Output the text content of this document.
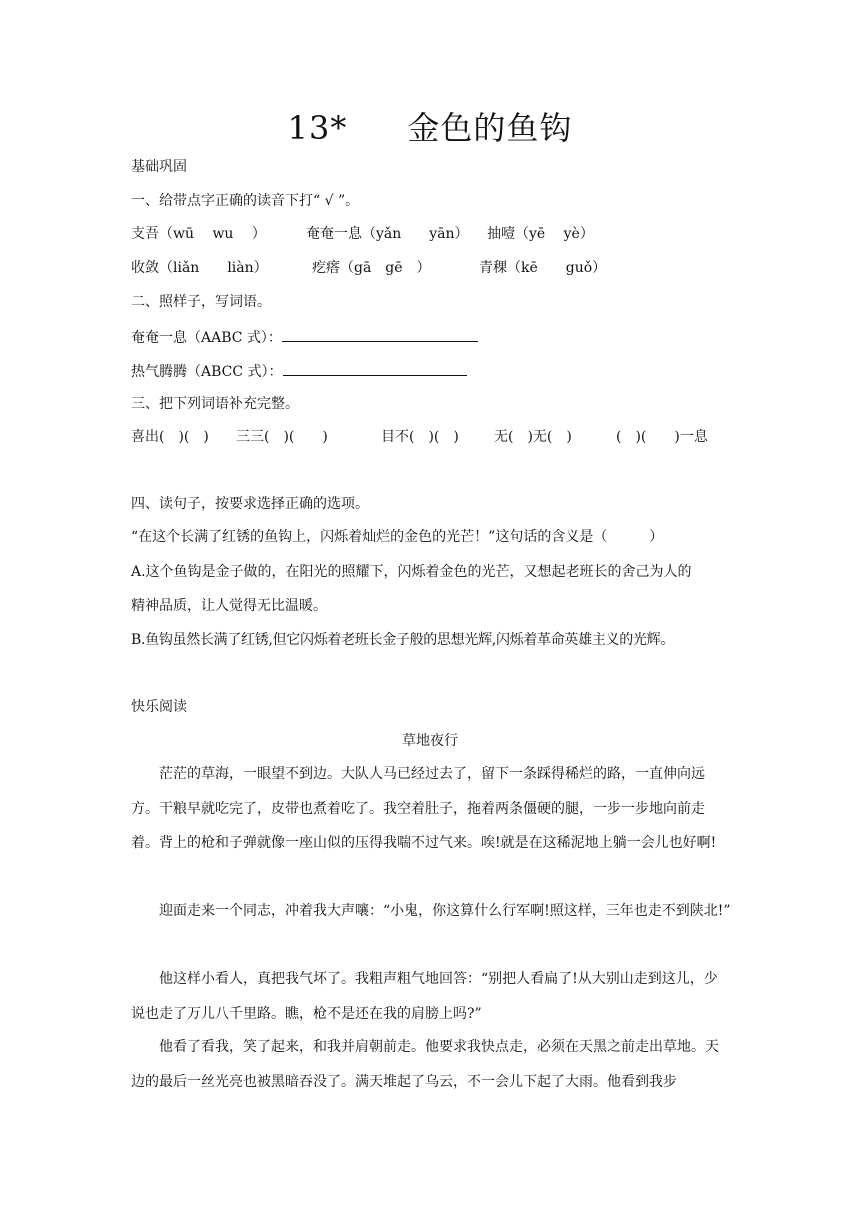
13* 金色的鱼钩
基础巩固
一、给带点字正确的读音下打“ √ ”。
支吾（wū　 wu　 ）	奄奄一息（yǎn　　yān） 抽噎（yē　 yè）
收敛（liǎn　　liàn）	疙瘩（gā　gē　）	青稞（kē　　guǒ）
二、照样子，写词语。
奄奄一息（AABC 式）：
热气腾腾（ABCC 式）：
三、把下列词语补充完整。
喜出(　)(　) 三三(　)(　　)	目不(　)(　)	无(　)无(　)	(　)(　　)一息
四、读句子，按要求选择正确的选项。
“在这个长满了红锈的鱼钩上，闪烁着灿烂的金色的光芒！”这句话的含义是（　　　）
A.这个鱼钩是金子做的，在阳光的照耀下，闪烁着金色的光芒，又想起老班长的舍己为人的
精神品质，让人觉得无比温暖。
B.鱼钩虽然长满了红锈,但它闪烁着老班长金子般的思想光辉,闪烁着革命英雄主义的光辉。
快乐阅读
草地夜行
茫茫的草海，一眼望不到边。大队人马已经过去了，留下一条踩得稀烂的路，一直伸向远方。干粮早就吃完了，皮带也煮着吃了。我空着肚子，拖着两条僵硬的腿，一步一步地向前走着。背上的枪和子弹就像一座山似的压得我喘不过气来。唉!就是在这稀泥地上躺一会儿也好啊!
迎面走来一个同志，冲着我大声嚷：“小鬼，你这算什么行军啊!照这样，三年也走不到陕北!”
他这样小看人，真把我气坏了。我粗声粗气地回答：“别把人看扁了!从大别山走到这儿，少说也走了万儿八千里路。瞧，枪不是还在我的肩膀上吗?”
他看了看我，笑了起来，和我并肩朝前走。他要求我快点走，必须在天黑之前走出草地。天边的最后一丝光亮也被黑暗吞没了。满天堆起了乌云，不一会儿下起了大雨。他看到我步
